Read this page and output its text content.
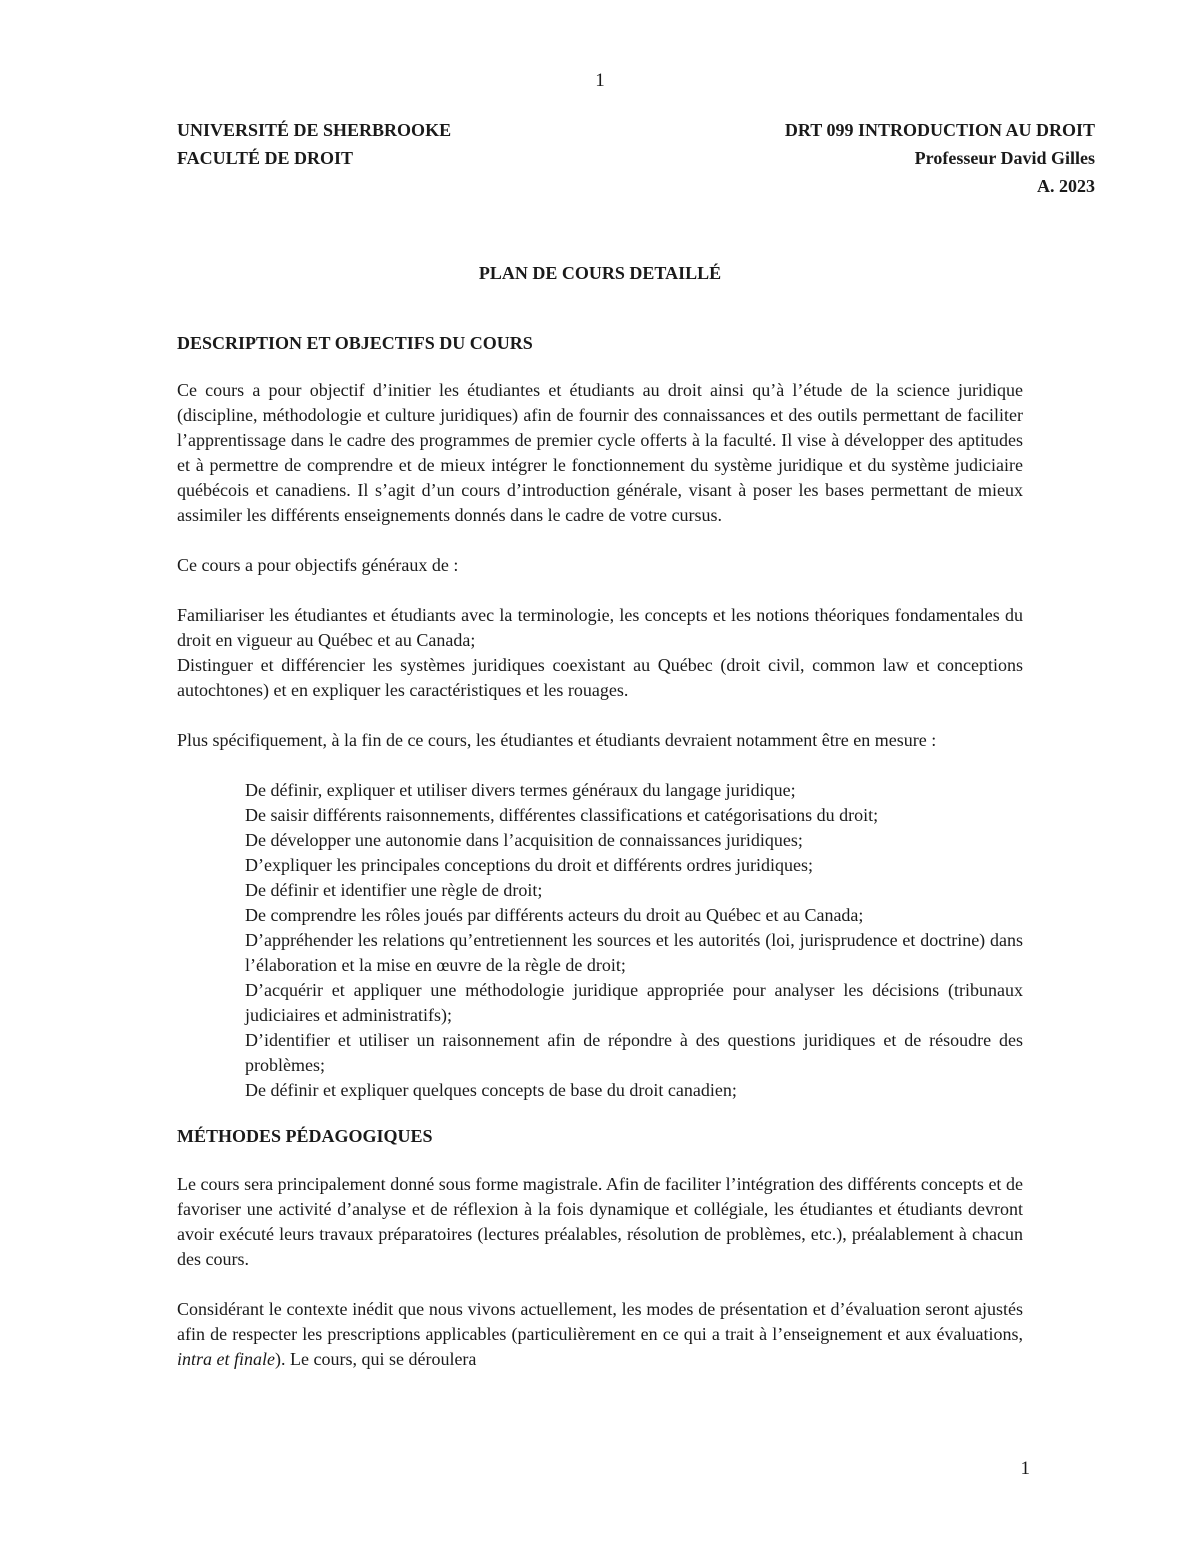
1
UNIVERSITÉ DE SHERBROOKE
FACULTÉ DE DROIT
DRT 099 INTRODUCTION AU DROIT
Professeur David Gilles
A. 2023
PLAN DE COURS DETAILLÉ
DESCRIPTION ET OBJECTIFS DU COURS

Ce cours a pour objectif d’initier les étudiantes et étudiants au droit ainsi qu’à l’étude de la science juridique (discipline, méthodologie et culture juridiques) afin de fournir des connaissances et des outils permettant de faciliter l’apprentissage dans le cadre des programmes de premier cycle offerts à la faculté. Il vise à développer des aptitudes et à permettre de comprendre et de mieux intégrer le fonctionnement du système juridique et du système judiciaire québécois et canadiens. Il s’agit d’un cours d’introduction générale, visant à poser les bases permettant de mieux assimiler les différents enseignements donnés dans le cadre de votre cursus.

Ce cours a pour objectifs généraux de :

Familiariser les étudiantes et étudiants avec la terminologie, les concepts et les notions théoriques fondamentales du droit en vigueur au Québec et au Canada;

Distinguer et différencier les systèmes juridiques coexistant au Québec (droit civil, common law et conceptions autochtones) et en expliquer les caractéristiques et les rouages.

Plus spécifiquement, à la fin de ce cours, les étudiantes et étudiants devraient notamment être en mesure :

De définir, expliquer et utiliser divers termes généraux du langage juridique;
De saisir différents raisonnements, différentes classifications et catégorisations du droit;
De développer une autonomie dans l’acquisition de connaissances juridiques;
D’expliquer les principales conceptions du droit et différents ordres juridiques;
De définir et identifier une règle de droit;
De comprendre les rôles joués par différents acteurs du droit au Québec et au Canada;
D’appréhender les relations qu’entretiennent les sources et les autorités (loi, jurisprudence et doctrine) dans l’élaboration et la mise en œuvre de la règle de droit;
D’acquérir et appliquer une méthodologie juridique appropriée pour analyser les décisions (tribunaux judiciaires et administratifs);
D’identifier et utiliser un raisonnement afin de répondre à des questions juridiques et de résoudre des problèmes;
De définir et expliquer quelques concepts de base du droit canadien;
MÉTHODES PÉDAGOGIQUES

Le cours sera principalement donné sous forme magistrale. Afin de faciliter l’intégration des différents concepts et de favoriser une activité d’analyse et de réflexion à la fois dynamique et collégiale, les étudiantes et étudiants devront avoir exécuté leurs travaux préparatoires (lectures préalables, résolution de problèmes, etc.), préalablement à chacun des cours.

Considérant le contexte inédit que nous vivons actuellement, les modes de présentation et d’évaluation seront ajustés afin de respecter les prescriptions applicables (particulièrement en ce qui a trait à l’enseignement et aux évaluations, intra et finale). Le cours, qui se déroulera

1
